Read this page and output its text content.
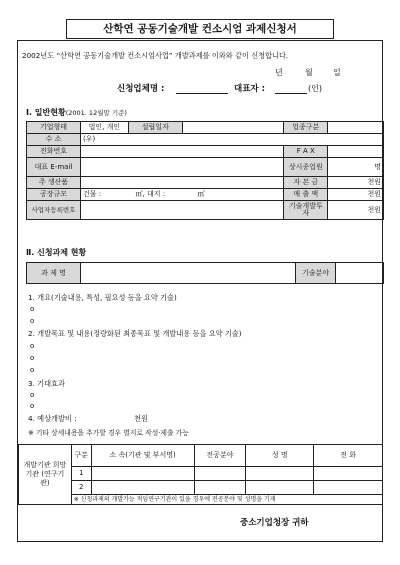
산학연 공동기술개발 컨소시엄 과제신청서
2002년도 “산학연 공동기술개발 컨소시엄사업” 개발과제를 이와와 같이 신청합니다.
년	월	일
신청업체명 :	대표자 :	(인)
Ⅰ. 일반현황(2001. 12월말 기준)
기업형태	법인, 개인	설립일자		업종구분	
수 소	(우)				
전화번호				F A X	
대표 E-mail				상시종업원	명
주 생산품				자 본 금	천원
공장규모	건물 : ㎡, 대지 : ㎡			매 출 액	천원
사업자등록번호				기술개발투자	천원
Ⅱ. 신청과제 현황
과 제 명		기술분야	
1. 개요(기술내용, 특성, 필요성 등을 요약 기술)
o
o
2. 개발목표 및 내용(정량화된 최종목표 및 개발내용 등을 요약 기술)
o
o
o
3. 기대효과
o
o
4. 예상개발비 :	천원
※ 기타 상세내용을 추가할 경우 별지로 작성·제출 가능
개발기관 희망기관 (연구기관)	구분	소 속(기관 및 부서명)	전공분야	성 명	전 화
	1				
	2				
	※ 신청과제의 개발가능 적임연구기관이 있을 경우에 전공분야 및 성명을 기재				
중소기업청장 귀하
